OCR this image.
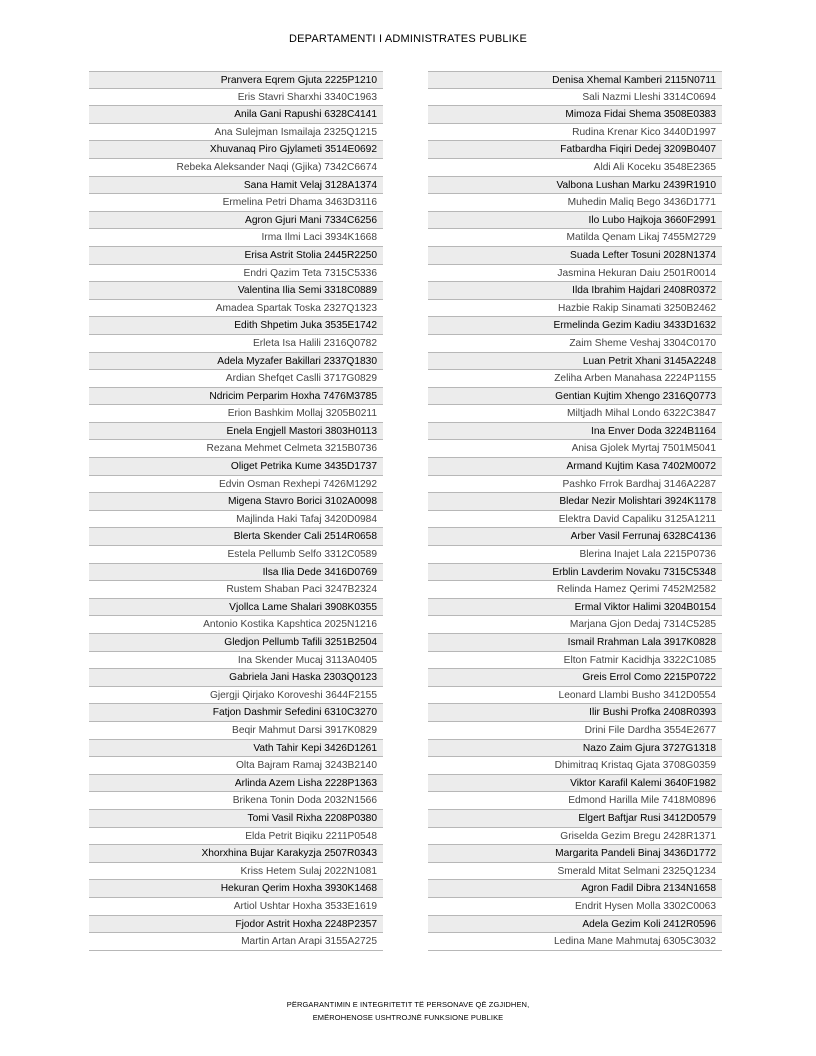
DEPARTAMENTI I ADMINISTRATES PUBLIKE
Pranvera Eqrem Gjuta 2225P1210
Eris Stavri Sharxhi 3340C1963
Anila Gani Rapushi 6328C4141
Ana Sulejman Ismailaja 2325Q1215
Xhuvanaq Piro Gjylameti 3514E0692
Rebeka Aleksander Naqi (Gjika) 7342C6674
Sana Hamit Velaj 3128A1374
Ermelina Petri Dhama 3463D3116
Agron Gjuri Mani 7334C6256
Irma Ilmi Laci 3934K1668
Erisa Astrit Stolia 2445R2250
Endri Qazim Teta 7315C5336
Valentina Ilia Semi 3318C0889
Amadea Spartak Toska 2327Q1323
Edith Shpetim Juka 3535E1742
Erleta Isa Halili 2316Q0782
Adela Myzafer Bakillari 2337Q1830
Ardian Shefqet Caslli 3717G0829
Ndricim Perparim Hoxha 7476M3785
Erion Bashkim Mollaj 3205B0211
Enela Engjell Mastori 3803H0113
Rezana Mehmet Celmeta 3215B0736
Oliget Petrika Kume 3435D1737
Edvin Osman Rexhepi 7426M1292
Migena Stavro Borici 3102A0098
Majlinda Haki Tafaj 3420D0984
Blerta Skender Cali 2514R0658
Estela Pellumb Selfo 3312C0589
Ilsa Ilia Dede 3416D0769
Rustem Shaban Paci 3247B2324
Vjollca Lame Shalari 3908K0355
Antonio Kostika Kapshtica 2025N1216
Gledjon Pellumb Tafili 3251B2504
Ina Skender Mucaj 3113A0405
Gabriela Jani Haska 2303Q0123
Gjergji Qirjako Koroveshi 3644F2155
Fatjon Dashmir Sefedini 6310C3270
Beqir Mahmut Darsi 3917K0829
Vath Tahir Kepi 3426D1261
Olta Bajram Ramaj 3243B2140
Arlinda Azem Lisha 2228P1363
Brikena Tonin Doda 2032N1566
Tomi Vasil Rixha 2208P0380
Elda Petrit Biqiku 2211P0548
Xhorxhina Bujar Karakyzja 2507R0343
Kriss Hetem Sulaj 2022N1081
Hekuran Qerim Hoxha 3930K1468
Artiol Ushtar Hoxha 3533E1619
Fjodor Astrit Hoxha 2248P2357
Martin Artan Arapi 3155A2725
Denisa Xhemal Kamberi 2115N0711
Sali Nazmi Lleshi 3314C0694
Mimoza Fidai Shema 3508E0383
Rudina Krenar Kico 3440D1997
Fatbardha Fiqiri Dedej 3209B0407
Aldi Ali Koceku 3548E2365
Valbona Lushan Marku 2439R1910
Muhedin Maliq Bego 3436D1771
Ilo Lubo Hajkoja 3660F2991
Matilda Qenam Likaj 7455M2729
Suada Lefter Tosuni 2028N1374
Jasmina Hekuran Daiu 2501R0014
Ilda Ibrahim Hajdari 2408R0372
Hazbie Rakip Sinamati 3250B2462
Ermelinda Gezim Kadiu 3433D1632
Zaim Sheme Veshaj 3304C0170
Luan Petrit Xhani 3145A2248
Zeliha Arben Manahasa 2224P1155
Gentian Kujtim Xhengo 2316Q0773
Miltjadh Mihal Londo 6322C3847
Ina Enver Doda 3224B1164
Anisa Gjolek Myrtaj 7501M5041
Armand Kujtim Kasa 7402M0072
Pashko Frrok Bardhaj 3146A2287
Bledar Nezir Molishtari 3924K1178
Elektra David Capaliku 3125A1211
Arber Vasil Ferrunaj 6328C4136
Blerina Inajet Lala 2215P0736
Erblin Lavderim Novaku 7315C5348
Relinda Hamez Qerimi 7452M2582
Ermal Viktor Halimi 3204B0154
Marjana Gjon Dedaj 7314C5285
Ismail Rrahman Lala 3917K0828
Elton Fatmir Kacidhja 3322C1085
Greis Errol Como 2215P0722
Leonard Llambi Busho 3412D0554
Ilir Bushi Profka 2408R0393
Drini File Dardha 3554E2677
Nazo Zaim Gjura 3727G1318
Dhimitraq Kristaq Gjata 3708G0359
Viktor Karafil Kalemi 3640F1982
Edmond Harilla Mile 7418M0896
Elgert Baftjar Rusi 3412D0579
Griselda Gezim Bregu 2428R1371
Margarita Pandeli Binaj 3436D1772
Smerald Mitat Selmani 2325Q1234
Agron Fadil Dibra 2134N1658
Endrit Hysen Molla 3302C0063
Adela Gezim Koli 2412R0596
Ledina Mane Mahmutaj 6305C3032
PËRGARANTIMIN E INTEGRITETIT TË PERSONAVE QË ZGJIDHEN,
EMËROHENOSE USHTROJNË FUNKSIONE PUBLIKE
